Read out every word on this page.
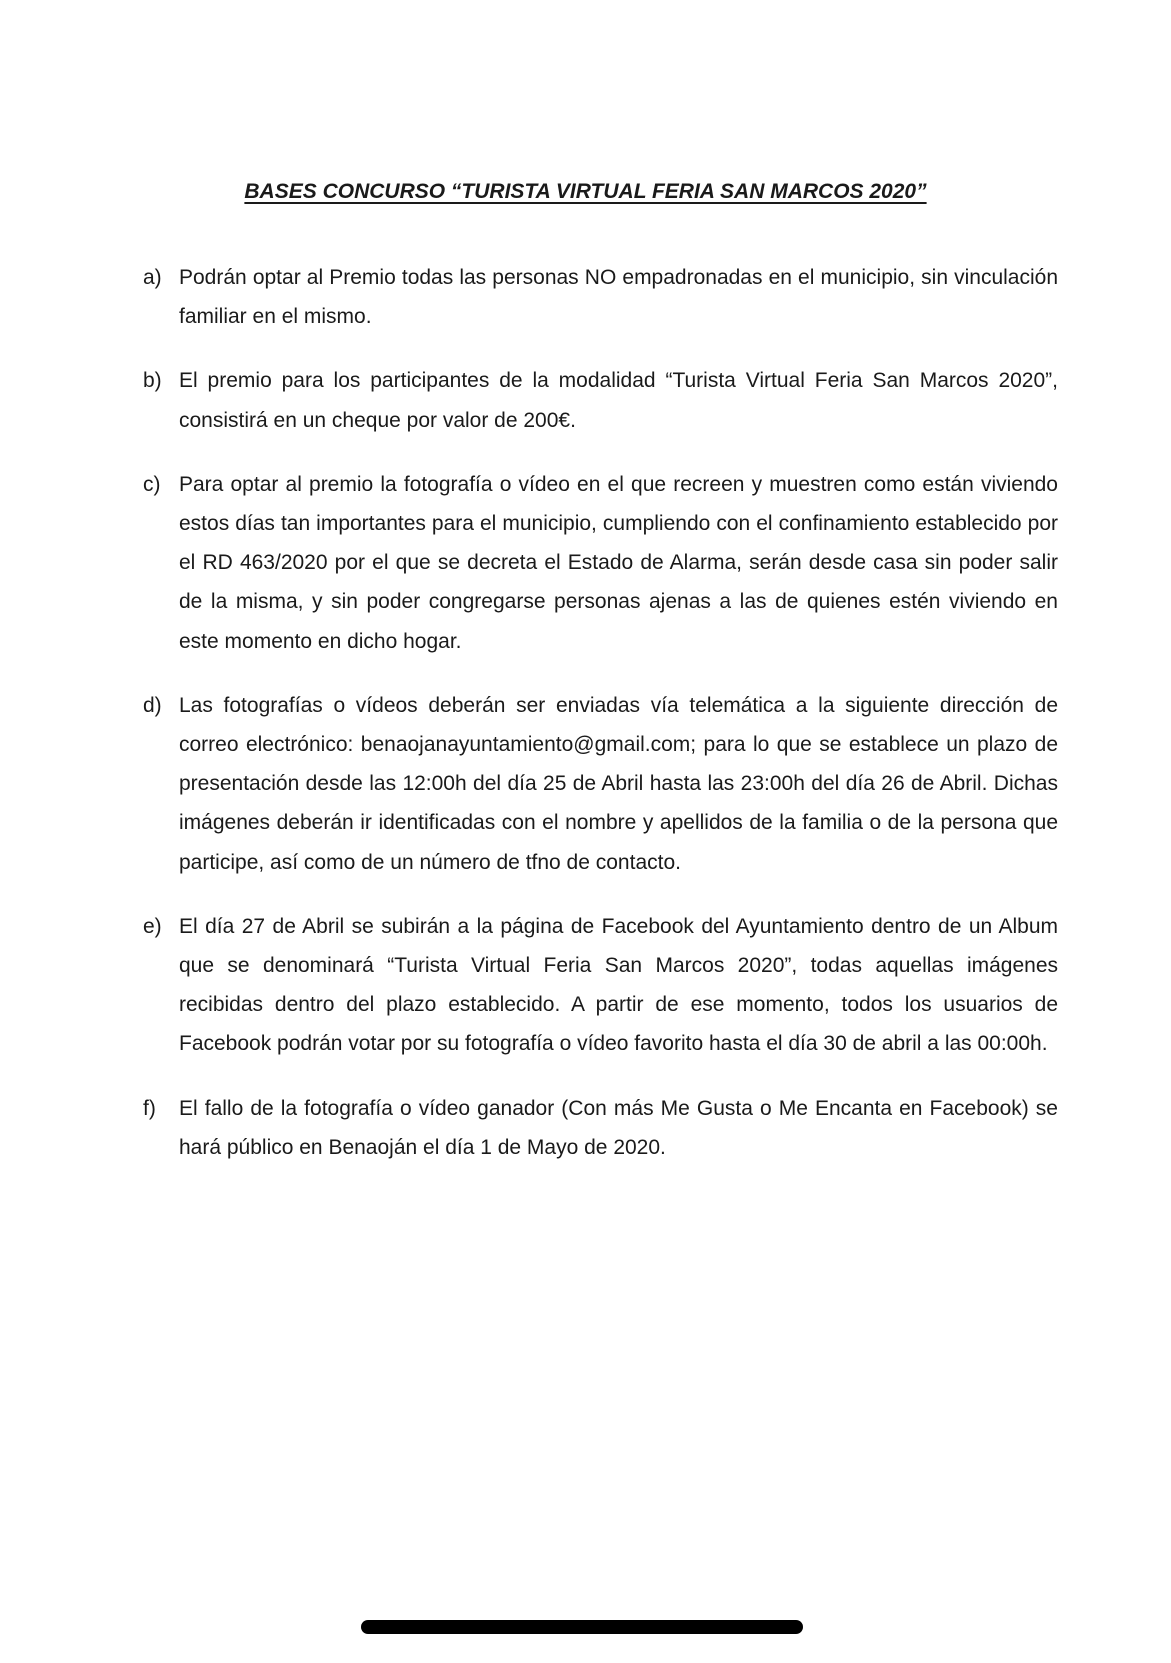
BASES CONCURSO “TURISTA VIRTUAL FERIA SAN MARCOS 2020”
a) Podrán optar al Premio todas las personas NO empadronadas en el municipio, sin vinculación familiar en el mismo.
b) El premio para los participantes de la modalidad “Turista Virtual Feria San Marcos 2020”, consistirá en un cheque por valor de 200€.
c) Para optar al premio la fotografía o vídeo en el que recreen y muestren como están viviendo estos días tan importantes para el municipio, cumpliendo con el confinamiento establecido por el RD 463/2020 por el que se decreta el Estado de Alarma, serán desde casa sin poder salir de la misma, y sin poder congregarse personas ajenas a las de quienes estén viviendo en este momento en dicho hogar.
d) Las fotografías o vídeos deberán ser enviadas vía telemática a la siguiente dirección de correo electrónico: benaojanayuntamiento@gmail.com; para lo que se establece un plazo de presentación desde las 12:00h del día 25 de Abril hasta las 23:00h del día 26 de Abril. Dichas imágenes deberán ir identificadas con el nombre y apellidos de la familia o de la persona que participe, así como de un número de tfno de contacto.
e) El día 27 de Abril se subirán a la página de Facebook del Ayuntamiento dentro de un Album que se denominará “Turista Virtual Feria San Marcos 2020”, todas aquellas imágenes recibidas dentro del plazo establecido. A partir de ese momento, todos los usuarios de Facebook podrán votar por su fotografía o vídeo favorito hasta el día 30 de abril a las 00:00h.
f)	El fallo de la fotografía o vídeo ganador (Con más Me Gusta o Me Encanta en Facebook) se hará público en Benaoján el día 1 de Mayo de 2020.
